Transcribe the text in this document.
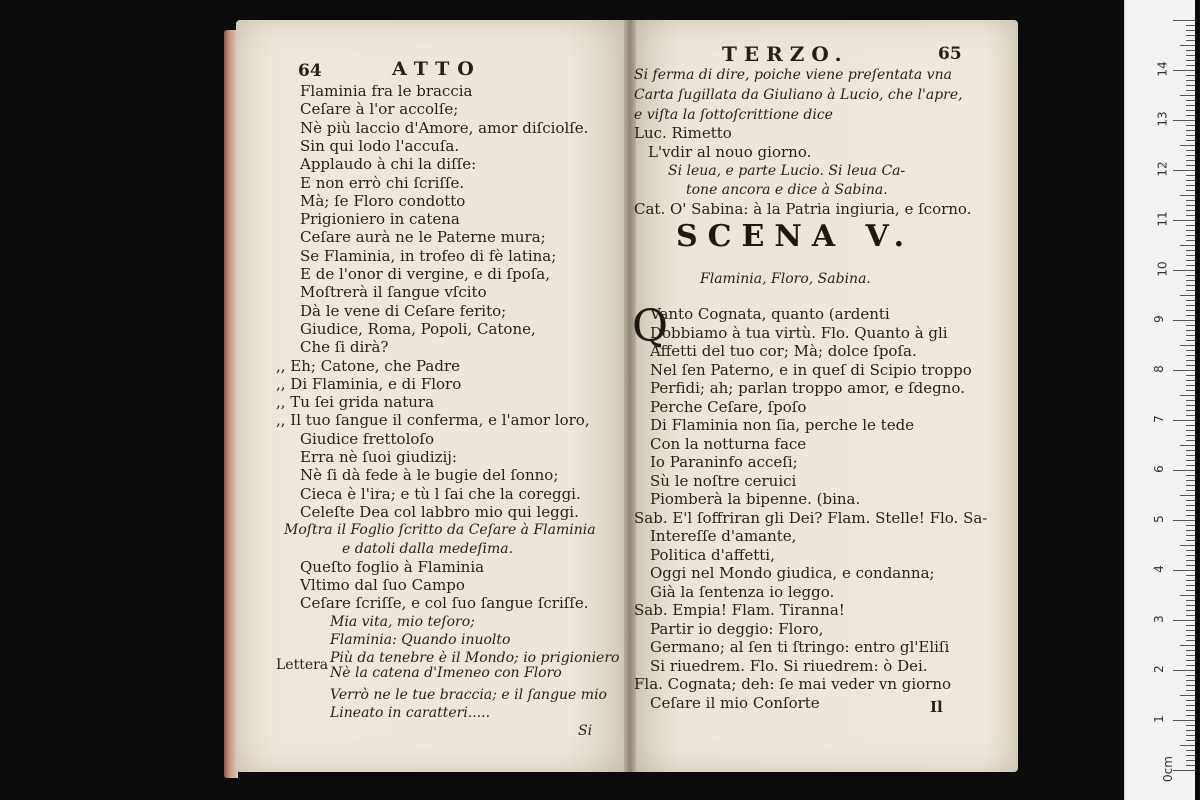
64	ATTO
Lettera
Si
Flaminia fra le braccia
Ceſare à l'or accolſe;
Nè più laccio d'Amore, amor diſciolſe.
Sin qui lodo l'accuſa.
Applaudo à chi la diſſe:
E non errò chi ſcriſſe.
Mà; ſe Floro condotto
Prigioniero in catena
Ceſare aurà ne le Paterne mura;
Se Flaminia, in trofeo di fè latina;
E de l'onor di vergine, e di ſpoſa,
Moſtrerà il ſangue vſcito
Dà le vene di Ceſare ferito;
Giudice, Roma, Popoli, Catone,
Che ſi dirà?
,, Eh; Catone, che Padre
,, Di Flaminia, e di Floro
,, Tu ſei grida natura
,, Il tuo ſangue il conferma, e l'amor loro,
Giudice frettoloſo
Erra nè ſuoi giudizij:
Nè ſi dà fede à le bugie del ſonno;
Cieca è l'ira; e tù l ſai che la coreggi.
Celeſte Dea col labbro mio qui leggi.
Moſtra il Foglio ſcritto da Ceſare à Flaminia
e datoli dalla medeſima.
Queſto foglio à Flaminia
Vltimo dal ſuo Campo
Ceſare ſcriſſe, e col ſuo ſangue ſcriſſe.
Mia vita, mio teſoro;
Flaminia: Quando inuolto
Più da tenebre è il Mondo; io prigioniero
Nè la catena d'Imeneo con Floro
Verrò ne le tue braccia; e il ſangue mio
Lineato in caratteri.....
TERZO.	65
SCENA V.
Flaminia, Floro, Sabina.
Q
Il
Si ferma di dire, poiche viene preſentata vna
Carta ſugillata da Giuliano à Lucio, che l'apre,
e viſta la ſottoſcrittione dice
Luc. Rimetto
L'vdir al nouo giorno.
Si leua, e parte Lucio. Si leua Ca-
tone ancora e dice à Sabina.
Cat. O' Sabina: à la Patria ingiuria, e ſcorno.
Vanto Cognata, quanto (ardenti
Dobbiamo à tua virtù. Flo. Quanto à gli
Affetti del tuo cor; Mà; dolce ſpoſa.
Nel ſen Paterno, e in queſ di Scipio troppo
Perfidi; ah; parlan troppo amor, e ſdegno.
Perche Ceſare, ſpoſo
Di Flaminia non ſia, perche le tede
Con la notturna face
Io Paraninfo acceſi;
Sù le noſtre ceruici
Piomberà la bipenne. (bina.
Sab. E'l ſoffriran gli Dei? Flam. Stelle! Flo. Sa-
Intereſſe d'amante,
Politica d'affetti,
Oggi nel Mondo giudica, e condanna;
Già la ſentenza io leggo.
Sab. Empia! Flam. Tiranna!
Partir io deggio: Floro,
Germano; al ſen ti ſtringo: entro gl'Eliſi
Si riuedrem. Flo. Si riuedrem: ò Dei.
Fla. Cognata; deh: ſe mai veder vn giorno
Ceſare il mio Conſorte
0cm
1
2
3
4
5
6
7
8
9
10
11
12
13
14
